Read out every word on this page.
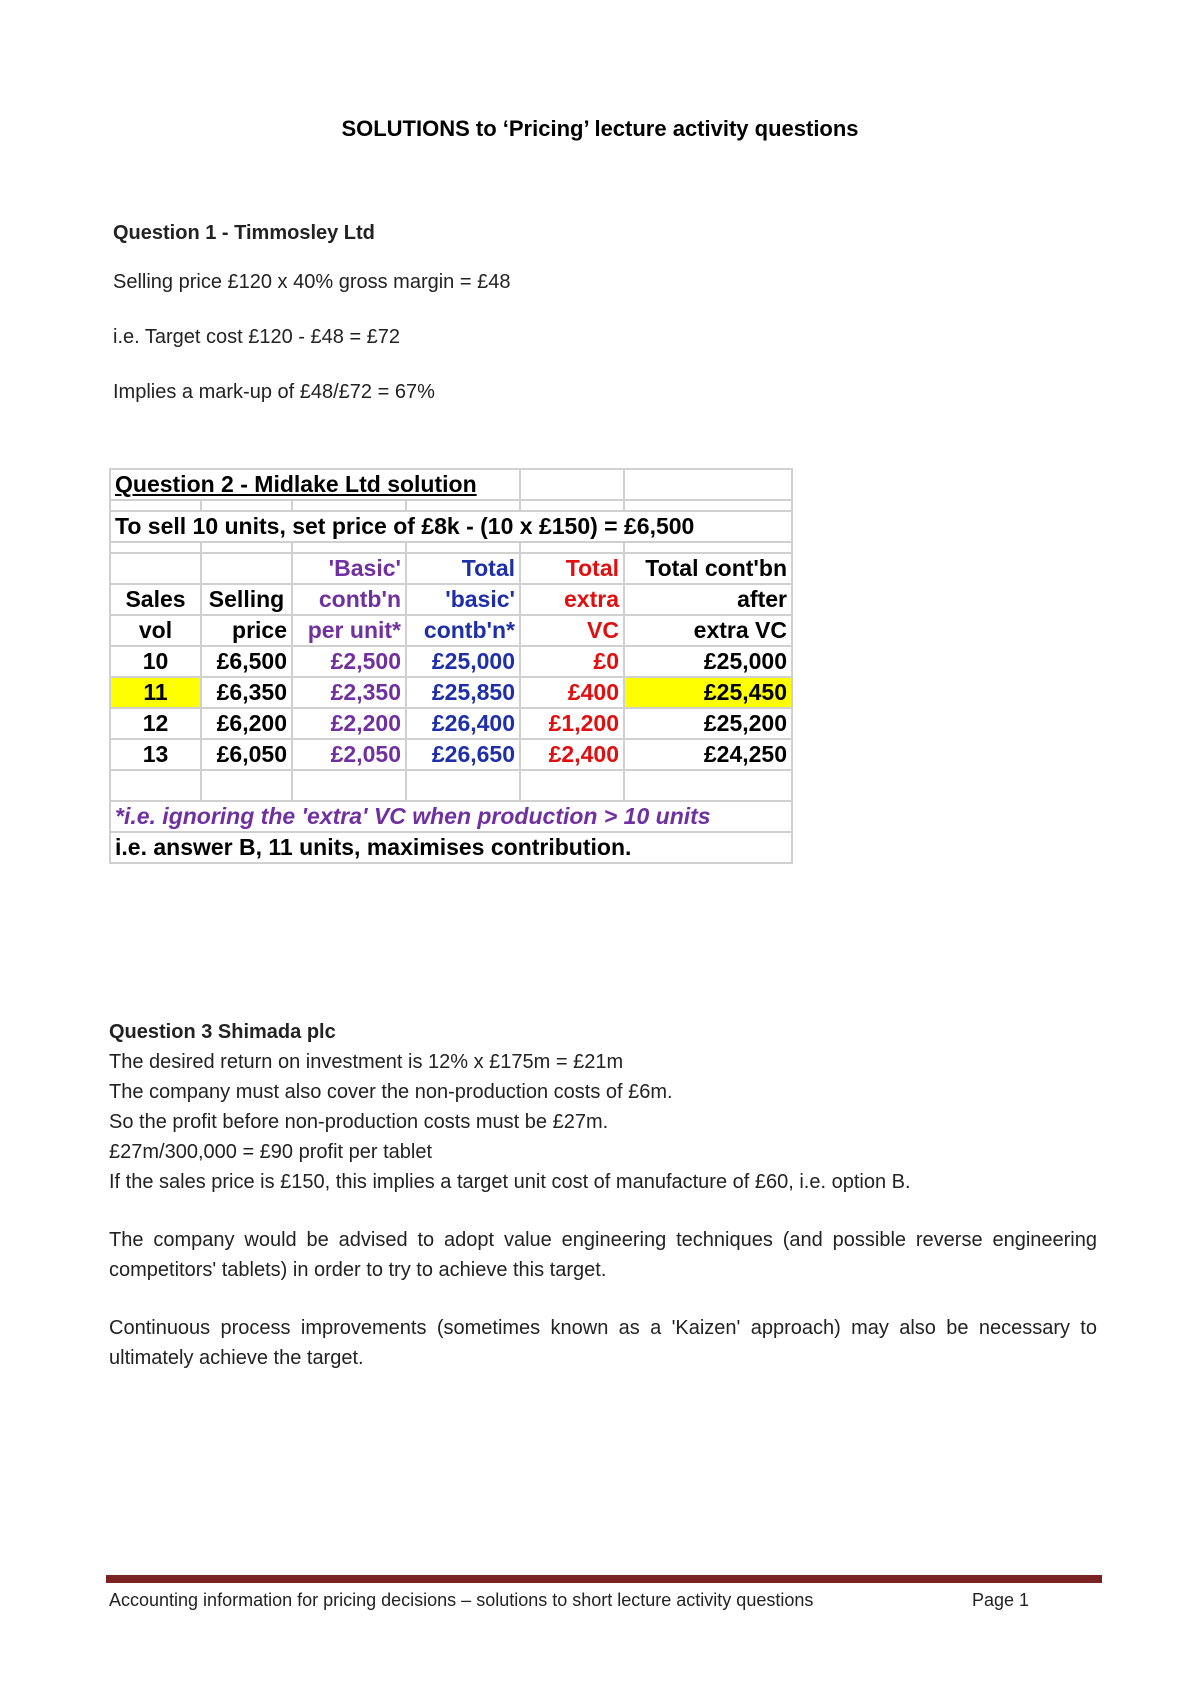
SOLUTIONS to ‘Pricing’ lecture activity questions
Question 1 - Timmosley Ltd
Selling price £120 x 40% gross margin = £48
i.e. Target cost £120 - £48 = £72
Implies a mark-up of £48/£72 = 67%
Question 2 - Midlake Ltd solution					

To sell 10 units, set price of £8k - (10 x £150) = £6,500					

		'Basic'	Total	Total	Total cont'bn
Sales	Selling	contb'n	'basic'	extra	after
vol	price	per unit*	contb'n*	VC	extra VC
10	£6,500	£2,500	£25,000	£0	£25,000
11	£6,350	£2,350	£25,850	£400	£25,450
12	£6,200	£2,200	£26,400	£1,200	£25,200
13	£6,050	£2,050	£26,650	£2,400	£24,250

*i.e. ignoring the 'extra' VC when production > 10 units					
i.e. answer B, 11 units, maximises contribution.					
Question 3 Shimada plc
The desired return on investment is 12% x £175m = £21m
The company must also cover the non-production costs of £6m.
So the profit before non-production costs must be £27m.
£27m/300,000 = £90 profit per tablet
If the sales price is £150, this implies a target unit cost of manufacture of £60, i.e. option B.
The company would be advised to adopt value engineering techniques (and possible reverse engineering competitors' tablets) in order to try to achieve this target.
Continuous process improvements (sometimes known as a 'Kaizen' approach) may also be necessary to ultimately achieve the target.
Accounting information for pricing decisions – solutions to short lecture activity questions	Page 1
